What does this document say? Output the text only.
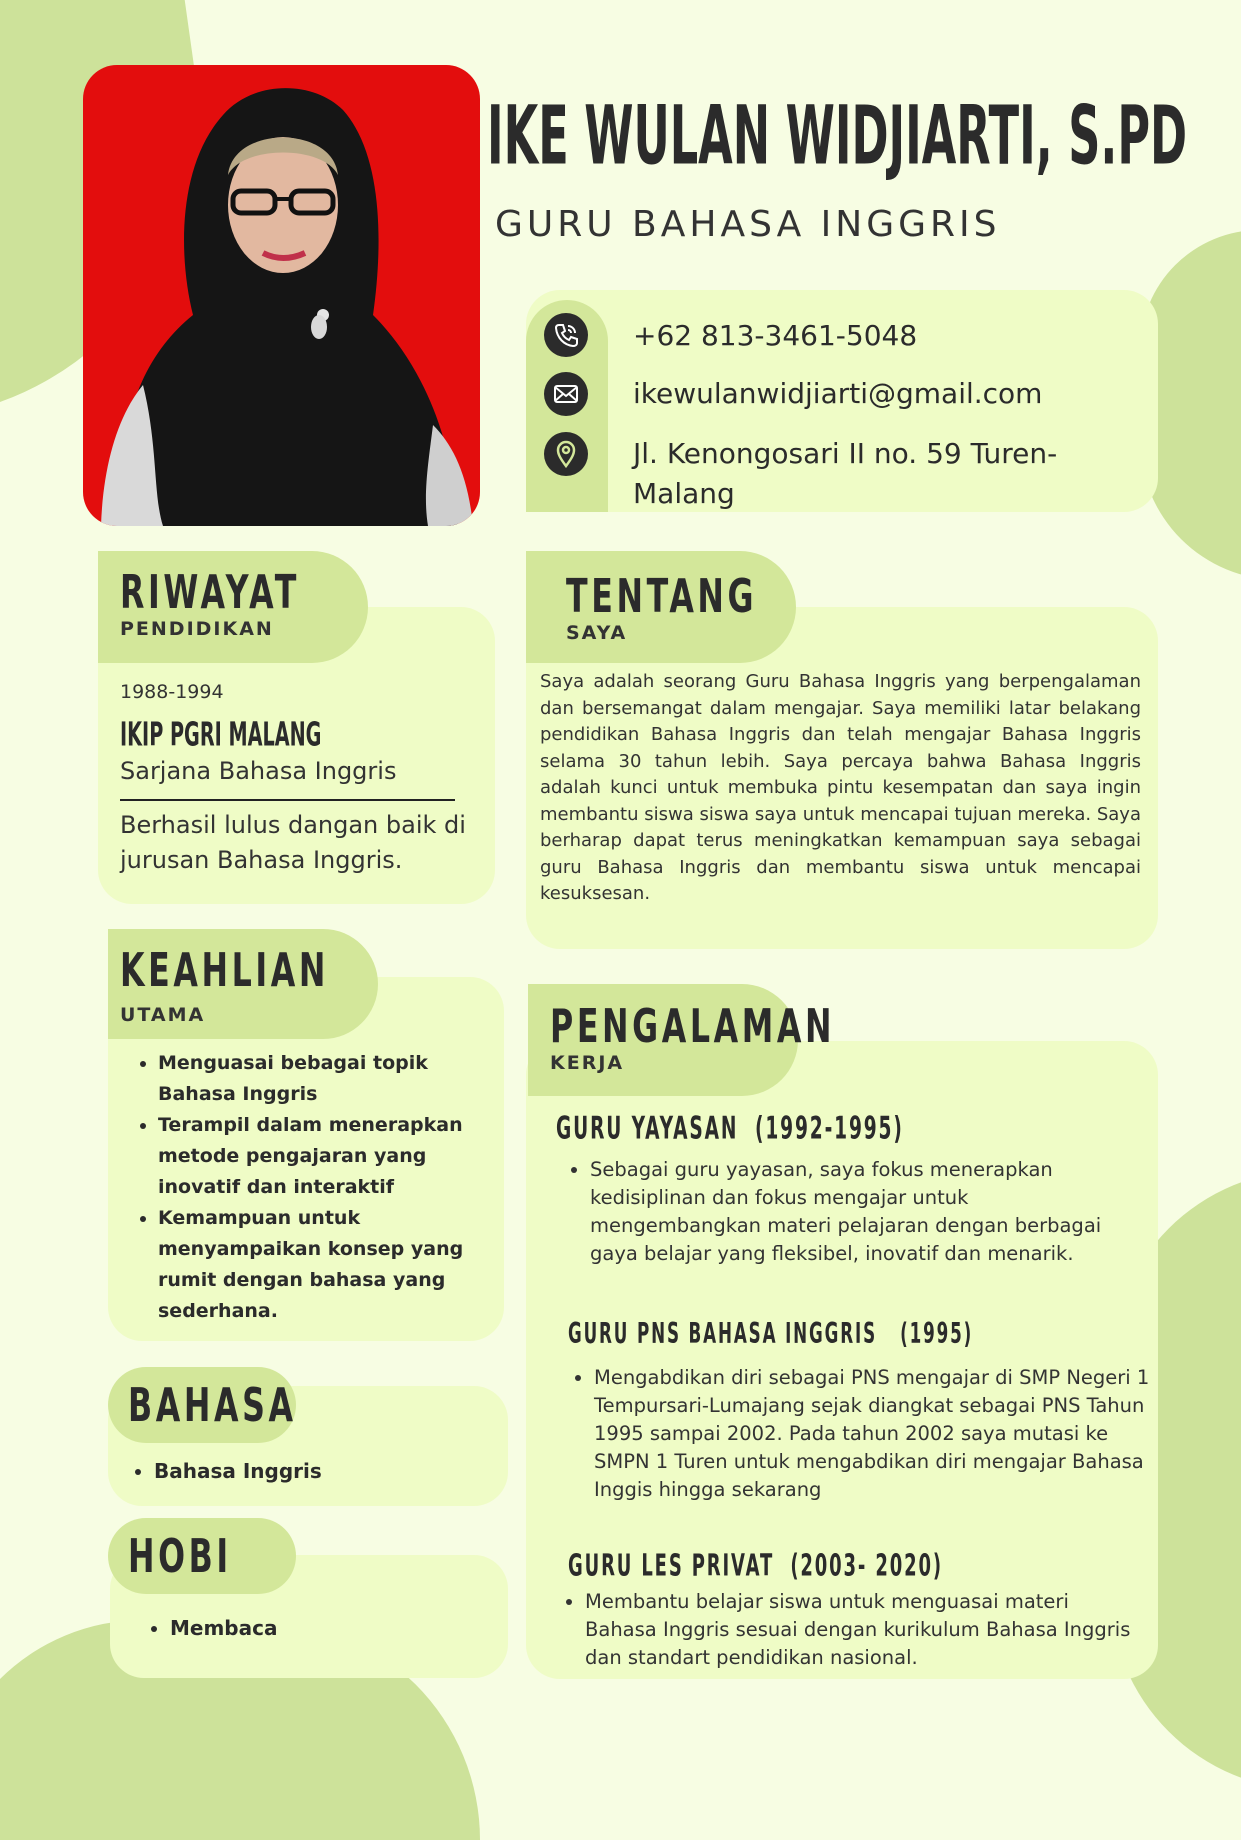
IKE WULAN WIDJIARTI, S.PD
GURU BAHASA INGGRIS
+62 813-3461-5048
ikewulanwidjiarti@gmail.com
Jl. Kenongosari II no. 59 Turen-
Malang
RIWAYAT
PENDIDIKAN
1988-1994
IKIP PGRI MALANG
Sarjana Bahasa Inggris
Berhasil lulus dangan baik di
jurusan Bahasa Inggris.
TENTANG
SAYA
Saya adalah seorang Guru Bahasa Inggris yang berpengalaman dan bersemangat dalam mengajar. Saya memiliki latar belakang pendidikan Bahasa Inggris dan telah mengajar Bahasa Inggris selama 30 tahun lebih. Saya percaya bahwa Bahasa Inggris adalah kunci untuk membuka pintu kesempatan dan saya ingin membantu siswa siswa saya untuk mencapai tujuan mereka. Saya berharap dapat terus meningkatkan kemampuan saya sebagai guru Bahasa Inggris dan membantu siswa untuk mencapai kesuksesan.
KEAHLIAN
UTAMA
• Menguasai bebagai topik Bahasa Inggris
• Terampil dalam menerapkan metode pengajaran yang inovatif dan interaktif
• Kemampuan untuk menyampaikan konsep yang rumit dengan bahasa yang sederhana.
BAHASA
• Bahasa Inggris
HOBI
• Membaca
PENGALAMAN
KERJA
GURU YAYASAN  (1992-1995)
• Sebagai guru yayasan, saya fokus menerapkan kedisiplinan dan fokus mengajar untuk mengembangkan materi pelajaran dengan berbagai gaya belajar yang fleksibel, inovatif dan menarik.
GURU PNS BAHASA INGGRIS   (1995)
• Mengabdikan diri sebagai PNS mengajar di SMP Negeri 1 Tempursari-Lumajang sejak diangkat sebagai PNS Tahun 1995 sampai 2002. Pada tahun 2002 saya mutasi ke SMPN 1 Turen untuk mengabdikan diri mengajar Bahasa Inggis hingga sekarang
GURU LES PRIVAT  (2003- 2020)
• Membantu belajar siswa untuk menguasai materi Bahasa Inggris sesuai dengan kurikulum Bahasa Inggris dan standart pendidikan nasional.
